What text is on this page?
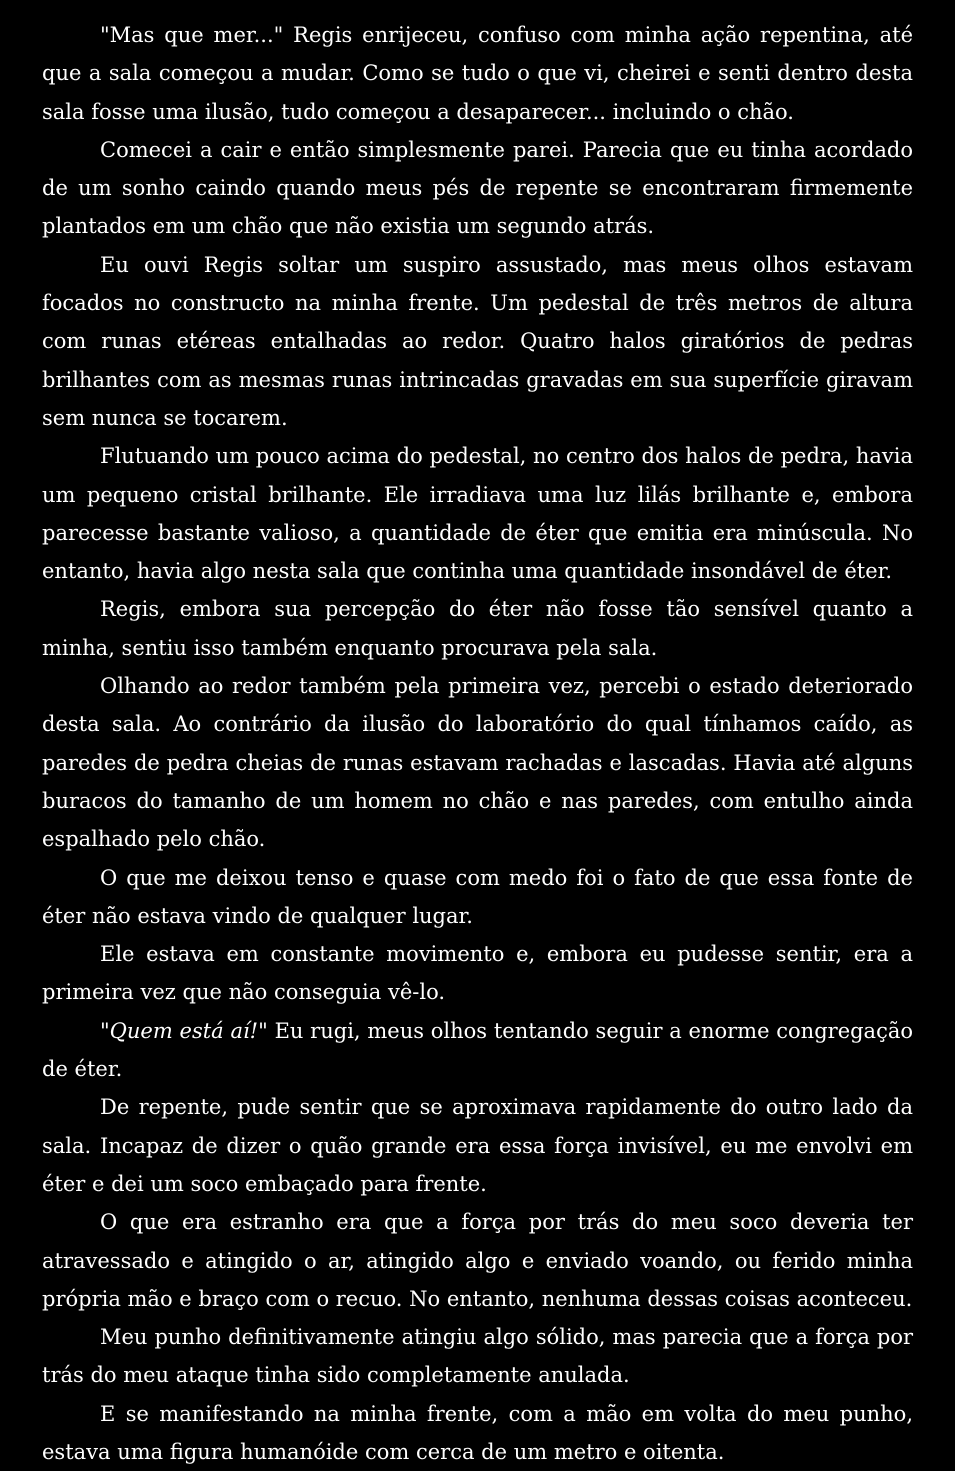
"Mas que mer..." Regis enrijeceu, confuso com minha ação repentina, até que a sala começou a mudar. Como se tudo o que vi, cheirei e senti dentro desta sala fosse uma ilusão, tudo começou a desaparecer... incluindo o chão.

Comecei a cair e então simplesmente parei. Parecia que eu tinha acordado de um sonho caindo quando meus pés de repente se encontraram firmemente plantados em um chão que não existia um segundo atrás.

Eu ouvi Regis soltar um suspiro assustado, mas meus olhos estavam focados no constructo na minha frente. Um pedestal de três metros de altura com runas etéreas entalhadas ao redor. Quatro halos giratórios de pedras brilhantes com as mesmas runas intrincadas gravadas em sua superfície giravam sem nunca se tocarem.

Flutuando um pouco acima do pedestal, no centro dos halos de pedra, havia um pequeno cristal brilhante. Ele irradiava uma luz lilás brilhante e, embora parecesse bastante valioso, a quantidade de éter que emitia era minúscula. No entanto, havia algo nesta sala que continha uma quantidade insondável de éter.

Regis, embora sua percepção do éter não fosse tão sensível quanto a minha, sentiu isso também enquanto procurava pela sala.

Olhando ao redor também pela primeira vez, percebi o estado deteriorado desta sala. Ao contrário da ilusão do laboratório do qual tínhamos caído, as paredes de pedra cheias de runas estavam rachadas e lascadas. Havia até alguns buracos do tamanho de um homem no chão e nas paredes, com entulho ainda espalhado pelo chão.

O que me deixou tenso e quase com medo foi o fato de que essa fonte de éter não estava vindo de qualquer lugar.

Ele estava em constante movimento e, embora eu pudesse sentir, era a primeira vez que não conseguia vê-lo.

"Quem está aí!" Eu rugi, meus olhos tentando seguir a enorme congregação de éter.

De repente, pude sentir que se aproximava rapidamente do outro lado da sala. Incapaz de dizer o quão grande era essa força invisível, eu me envolvi em éter e dei um soco embaçado para frente.

O que era estranho era que a força por trás do meu soco deveria ter atravessado e atingido o ar, atingido algo e enviado voando, ou ferido minha própria mão e braço com o recuo. No entanto, nenhuma dessas coisas aconteceu.

Meu punho definitivamente atingiu algo sólido, mas parecia que a força por trás do meu ataque tinha sido completamente anulada.

E se manifestando na minha frente, com a mão em volta do meu punho, estava uma figura humanóide com cerca de um metro e oitenta.
